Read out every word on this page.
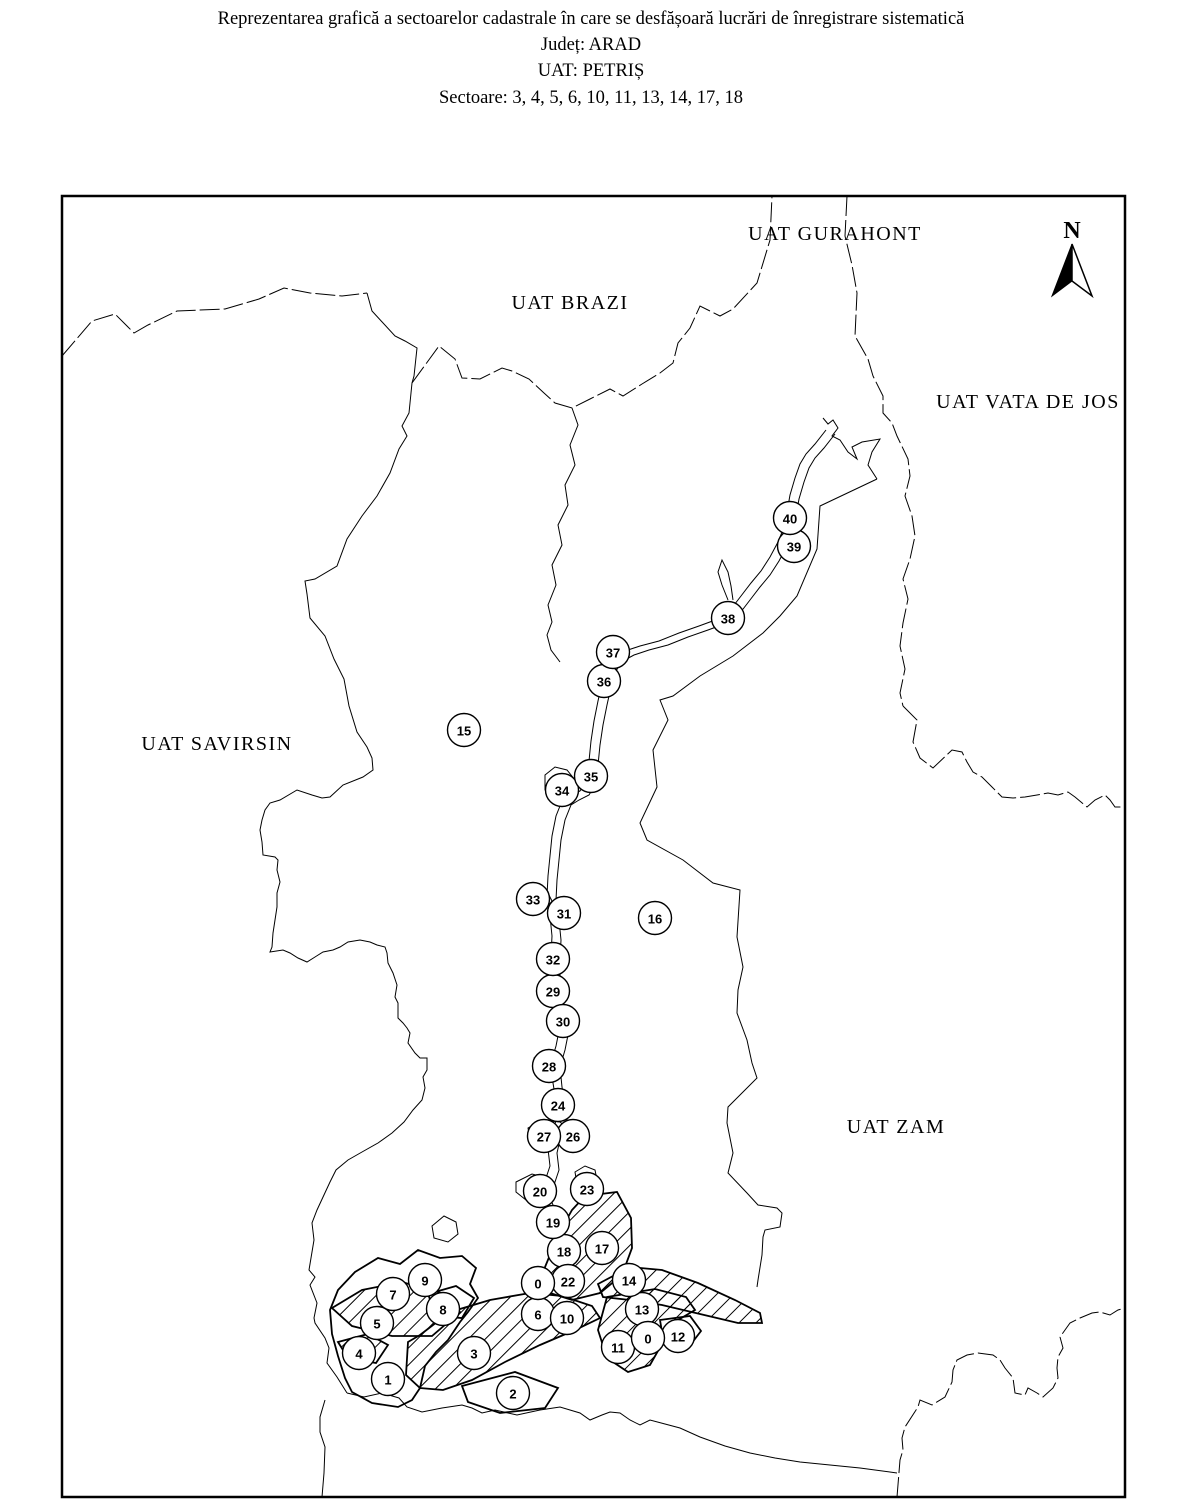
Reprezentarea grafică a sectoarelor cadastrale în care se desfășoară lucrări de înregistrare sistematică
Județ: ARAD
UAT: PETRIȘ
Sectoare: 3, 4, 5, 6, 10, 11, 13, 14, 17, 18
UAT GURAHONT
UAT BRAZI
UAT VATA DE JOS
UAT SAVIRSIN
UAT ZAM
N
1
2
3
4
5
6
7
8
9
10
11
12
13
14
15
16
17
18
19
20
22
23
24
26
27
28
29
30
31
32
33
34
35
36
37
38
39
40
0
0
